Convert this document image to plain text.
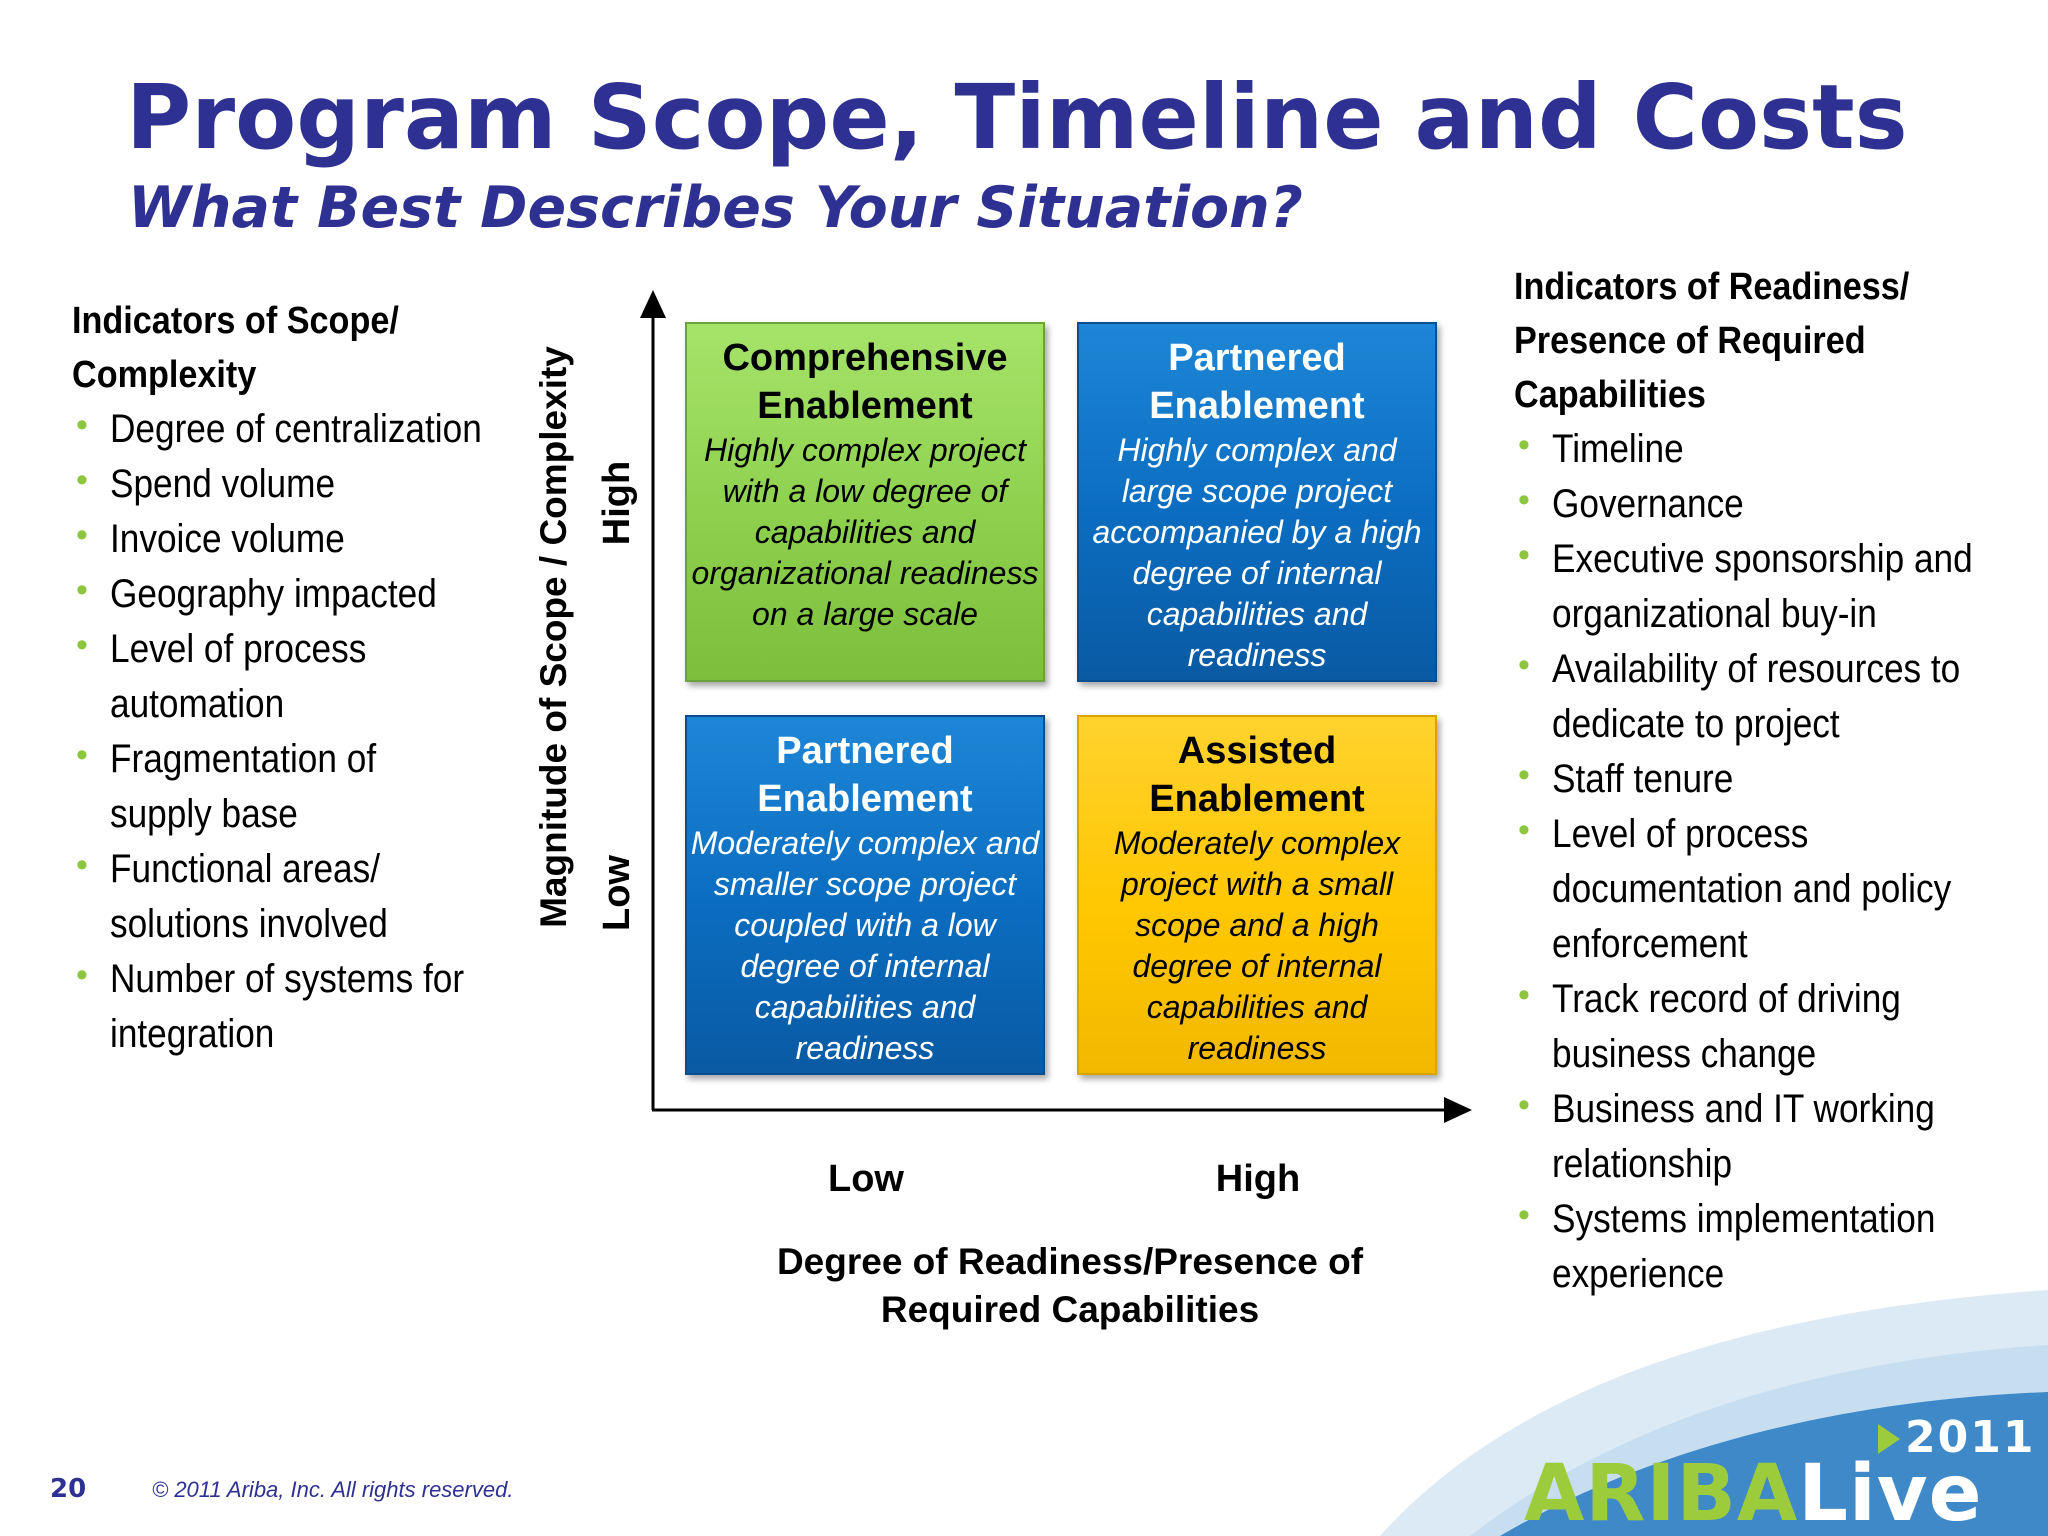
Program Scope, Timeline and Costs
What Best Describes Your Situation?
Indicators of Scope/
Complexity
• Degree of centralization
• Spend volume
• Invoice volume
• Geography impacted
• Level of process automation
• Fragmentation of supply base
• Functional areas/ solutions involved
• Number of systems for integration
Indicators of Readiness/
Presence of Required
Capabilities
• Timeline
• Governance
• Executive sponsorship and organizational buy-in
• Availability of resources to dedicate to project
• Staff tenure
• Level of process documentation and policy enforcement
• Track record of driving business change
• Business and IT working relationship
• Systems implementation experience
Magnitude of Scope / Complexity High
Low
Low	High
Degree of Readiness/Presence of
Required Capabilities
Comprehensive
Enablement
Highly complex project with a low degree of capabilities and organizational readiness on a large scale
Partnered
Enablement
Highly complex and large scope project accompanied by a high degree of internal capabilities and readiness
Partnered
Enablement
Moderately complex and smaller scope project coupled with a low degree of internal capabilities and readiness
Assisted
Enablement
Moderately complex project with a small scope and a high degree of internal capabilities and readiness
20	© 2011 Ariba, Inc. All rights reserved.
2011
ARIBALive
